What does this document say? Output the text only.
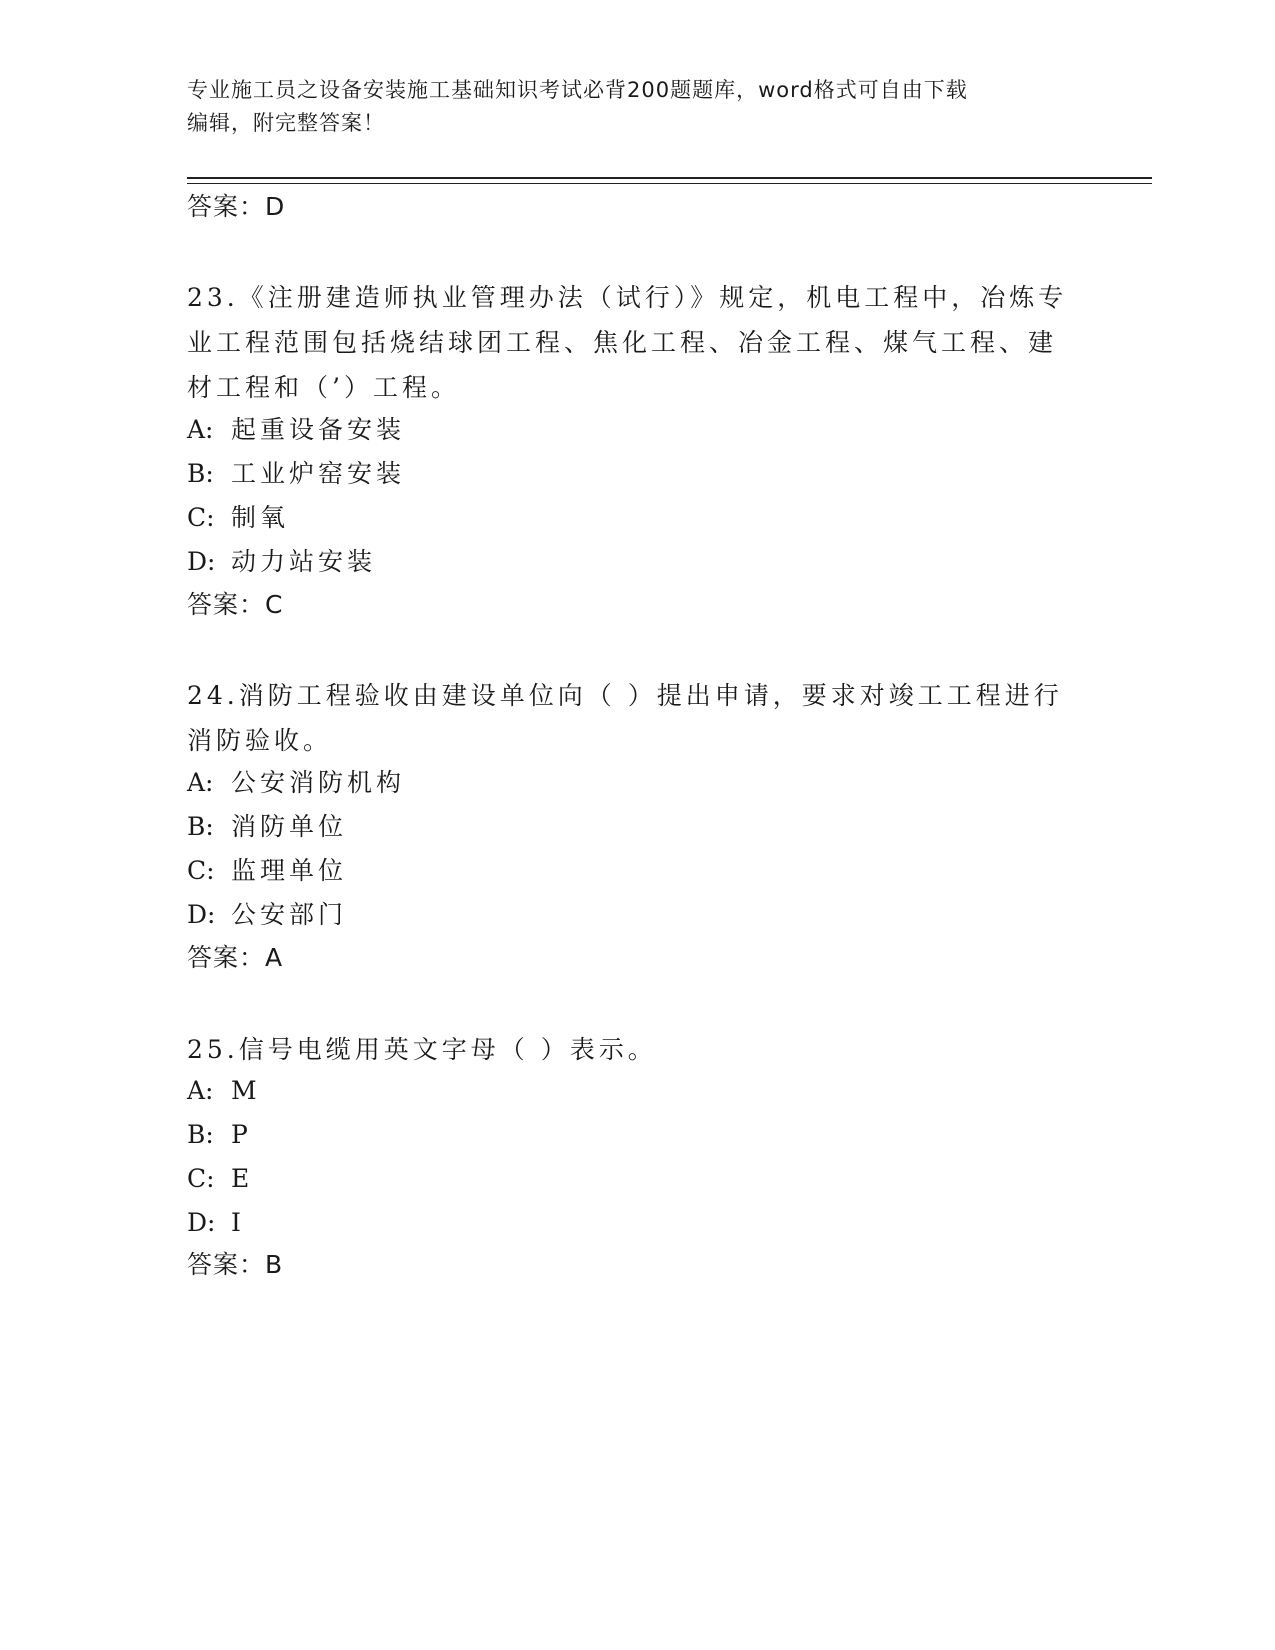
专业施工员之设备安装施工基础知识考试必背200题题库，word格式可自由下载
编辑，附完整答案！
答案：D
23.《注册建造师执业管理办法（试行）》规定，机电工程中，冶炼专业工程范围包括烧结球团工程、焦化工程、冶金工程、煤气工程、建材工程和（’）工程。
A: 起重设备安装
B: 工业炉窑安装
C: 制氧
D: 动力站安装
答案：C
24.消防工程验收由建设单位向（ ）提出申请，要求对竣工工程进行消防验收。
A: 公安消防机构
B: 消防单位
C: 监理单位
D: 公安部门
答案：A
25.信号电缆用英文字母（ ）表示。
A: M
B: P
C: E
D: I
答案：B
